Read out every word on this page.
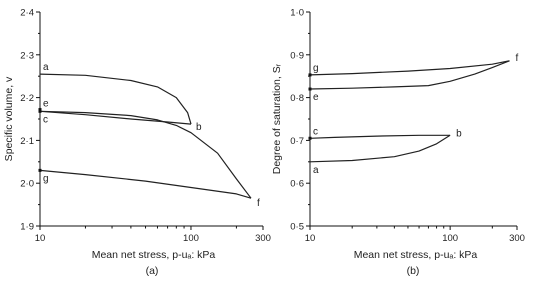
1·9
2·0
2·1
2·2
2·3
2·4
10	100	300
Mean net stress, p-uₐ: kPa
Specific volume, v
(a)
a
b
c
e
f
g
0·5
0·6
0·7
0·8
0·9
1·0
10	100	300
Mean net stress, p-uₐ: kPa
Degree of saturation, Sᵣ
(b)
a
b
c
e
f
g
